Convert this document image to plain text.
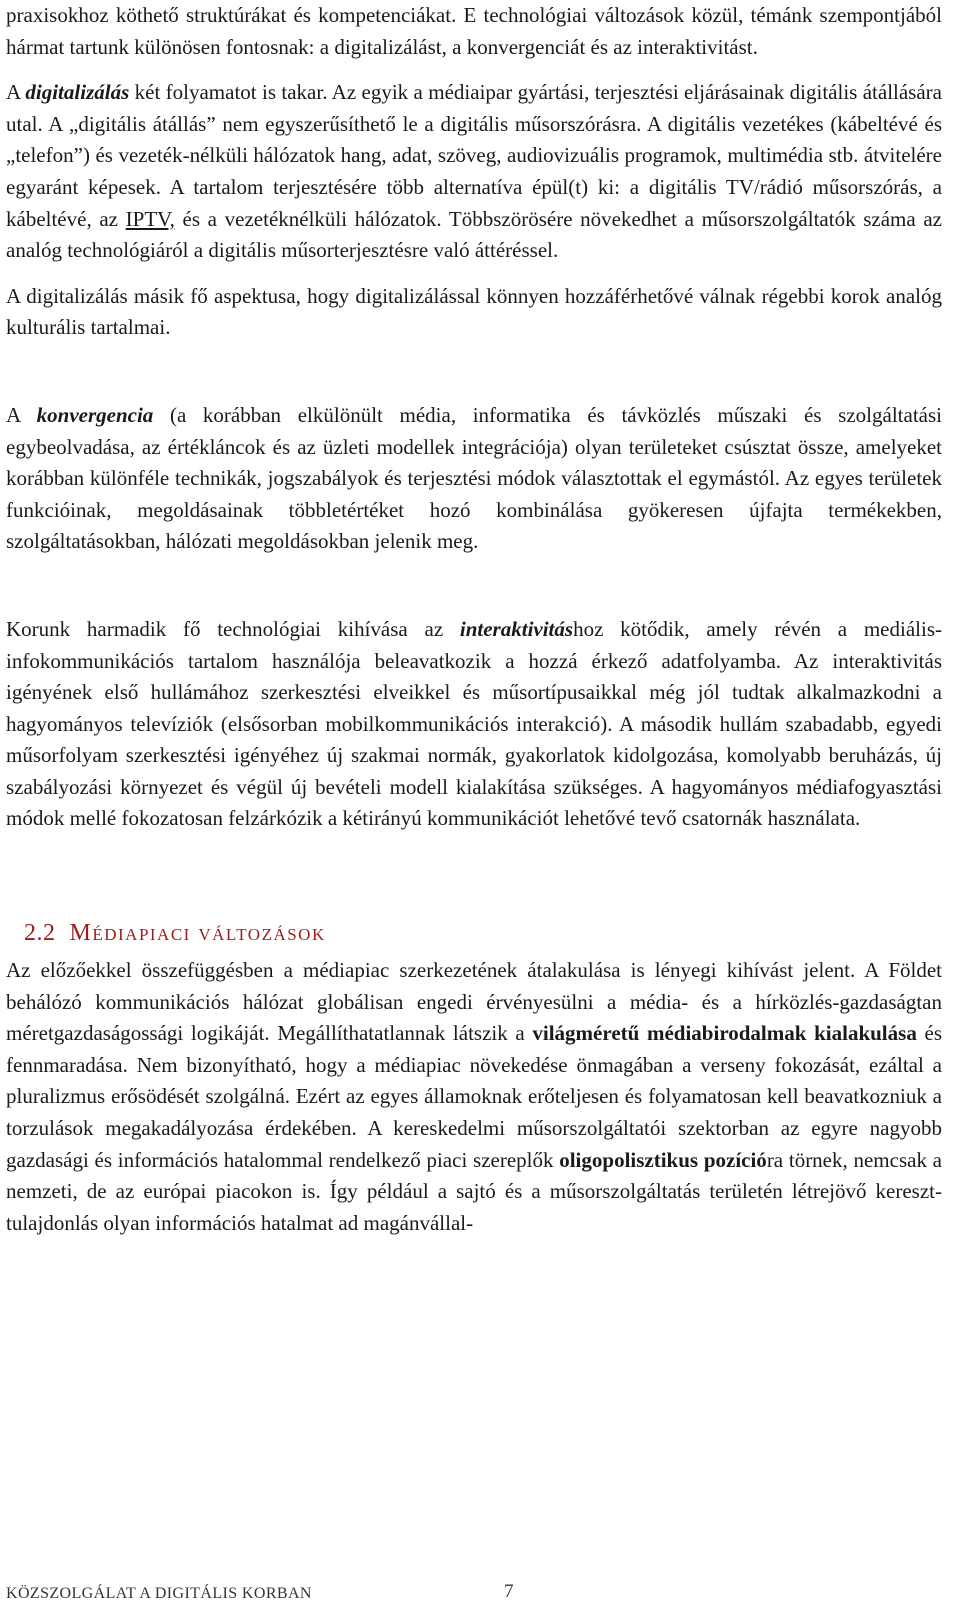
praxisokhoz köthető struktúrákat és kompetenciákat. E technológiai változások közül, témánk szempontjából hármat tartunk különösen fontosnak: a digitalizálást, a konvergenciát és az interaktivitást.

A digitalizálás két folyamatot is takar. Az egyik a médiaipar gyártási, terjesztési eljárásainak digitális átállására utal. A „digitális átállás” nem egyszerűsíthető le a digitális műsorszórásra. A digitális vezetékes (kábeltévé és „telefon”) és vezeték-nélküli hálózatok hang, adat, szöveg, audiovizuális programok, multimédia stb. átvitelére egyaránt képesek. A tartalom terjesztésére több alternatíva épül(t) ki: a digitális TV/rádió műsorszórás, a kábeltévé, az IPTV, és a vezetéknélküli hálózatok. Többszörösére növekedhet a műsorszolgáltatók száma az analóg technológiáról a digitális műsorterjesztésre való áttéréssel.

A digitalizálás másik fő aspektusa, hogy digitalizálással könnyen hozzáférhetővé válnak régebbi korok analóg kulturális tartalmai.

A konvergencia (a korábban elkülönült média, informatika és távközlés műszaki és szolgáltatási egybeolvadása, az értékláncok és az üzleti modellek integrációja) olyan területeket csúsztat össze, amelyeket korábban különféle technikák, jogszabályok és terjesztési módok választottak el egymástól. Az egyes területek funkcióinak, megoldásainak többletértéket hozó kombinálása gyökeresen újfajta termékekben, szolgáltatásokban, hálózati megoldásokban jelenik meg.

Korunk harmadik fő technológiai kihívása az interaktivitáshoz kötődik, amely révén a mediális-infokommunikációs tartalom használója beleavatkozik a hozzá érkező adatfolyamba. Az interaktivitás igényének első hullámához szerkesztési elveikkel és műsortípusaikkal még jól tudtak alkalmazkodni a hagyományos televíziók (elsősorban mobilkommunikációs interakció). A második hullám szabadabb, egyedi műsorfolyam szerkesztési igényéhez új szakmai normák, gyakorlatok kidolgozása, komolyabb beruházás, új szabályozási környezet és végül új bevételi modell kialakítása szükséges. A hagyományos médiafogyasztási módok mellé fokozatosan felzárkózik a kétirányú kommunikációt lehetővé tevő csatornák használata.

2.2 Médiapiaci változások

Az előzőekkel összefüggésben a médiapiac szerkezetének átalakulása is lényegi kihívást jelent. A Földet behálózó kommunikációs hálózat globálisan engedi érvényesülni a média- és a hírközlés-gazdaságtan méretgazdaságossági logikáját. Megállíthatatlannak látszik a világméretű médiabirodalmak kialakulása és fennmaradása. Nem bizonyítható, hogy a médiapiac növekedése önmagában a verseny fokozását, ezáltal a pluralizmus erősödését szolgálná. Ezért az egyes államoknak erőteljesen és folyamatosan kell beavatkozniuk a torzulások megakadályozása érdekében. A kereskedelmi műsorszolgáltatói szektorban az egyre nagyobb gazdasági és információs hatalommal rendelkező piaci szereplők oligopolisztikus pozícióra törnek, nemcsak a nemzeti, de az európai piacokon is. Így például a sajtó és a műsorszolgáltatás területén létrejövő kereszt-tulajdonlás olyan információs hatalmat ad magánvállal-

KÖZSZOLGÁLAT A DIGITÁLIS KORBAN	7
